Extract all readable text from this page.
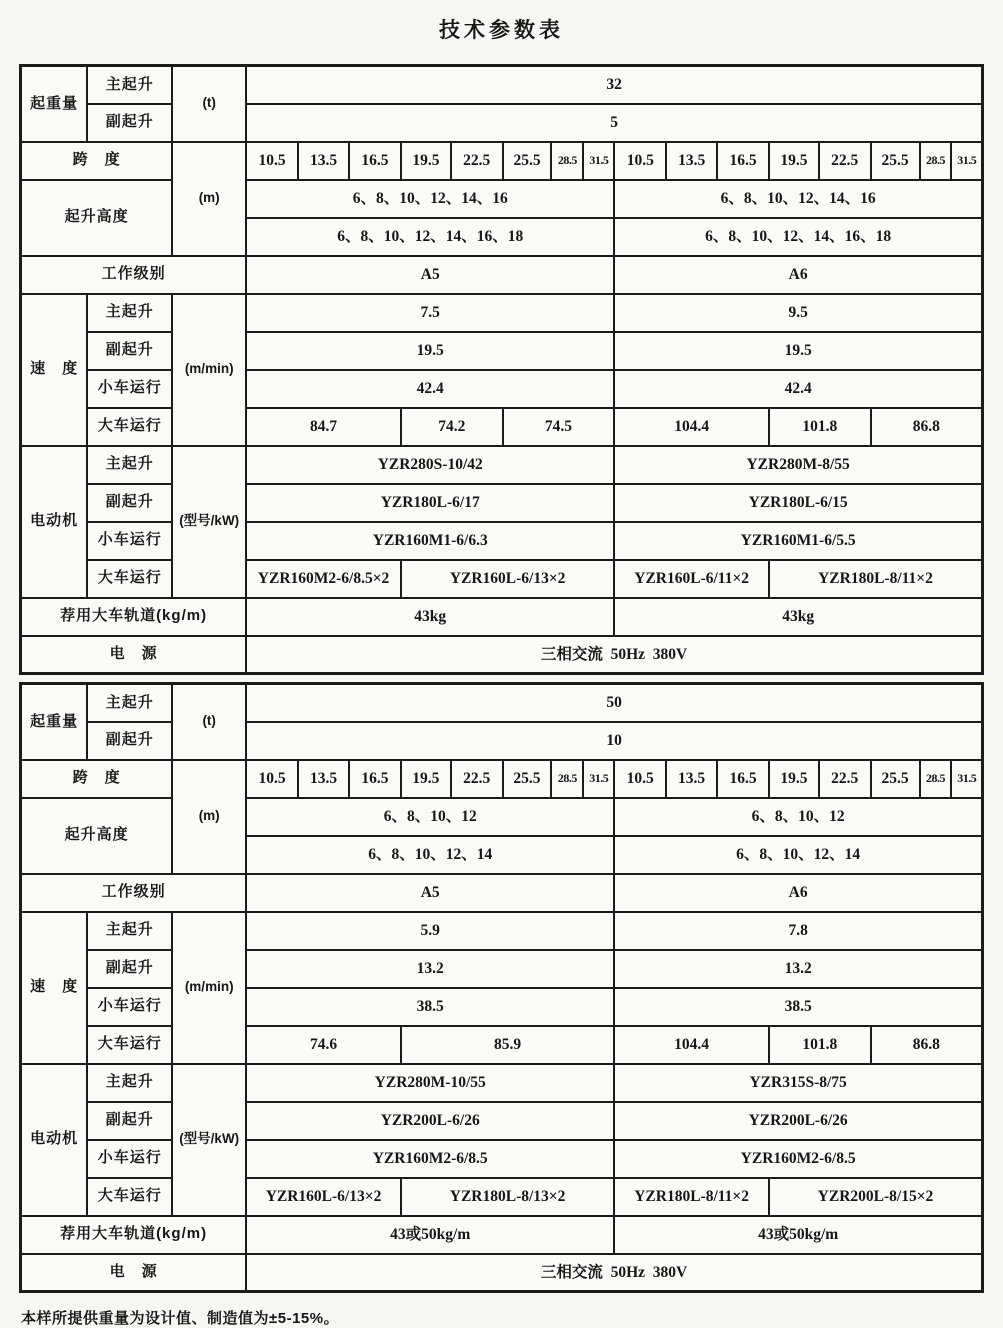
技术参数表
起重量	主起升	(t)	32															
	副起升		5															
跨　度		(m)	10.5	13.5	16.5	19.5	22.5	25.5	28.5	31.5	10.5	13.5	16.5	19.5	22.5	25.5	28.5	31.5
起升高度			6、8、10、12、14、16								6、8、10、12、14、16							
			6、8、10、12、14、16、18								6、8、10、12、14、16、18							
工作级别			A5								A6							
速　度	主起升	(m/min)	7.5								9.5							
	副起升		19.5								19.5							
	小车运行		42.4								42.4							
	大车运行		84.7			74.2		74.5			104.4			101.8		86.8		
电动机	主起升	(型号/kW)	YZR280S-10/42								YZR280M-8/55							
	副起升		YZR180L-6/17								YZR180L-6/15							
	小车运行		YZR160M1-6/6.3								YZR160M1-6/5.5							
	大车运行		YZR160M2-6/8.5×2			YZR160L-6/13×2					YZR160L-6/11×2			YZR180L-8/11×2				
荐用大车轨道(kg/m)			43kg								43kg							
电　源			三相交流  50Hz  380V															
起重量	主起升	(t)	50															
	副起升		10															
跨　度		(m)	10.5	13.5	16.5	19.5	22.5	25.5	28.5	31.5	10.5	13.5	16.5	19.5	22.5	25.5	28.5	31.5
起升高度			6、8、10、12								6、8、10、12							
			6、8、10、12、14								6、8、10、12、14							
工作级别			A5								A6							
速　度	主起升	(m/min)	5.9								7.8							
	副起升		13.2								13.2							
	小车运行		38.5								38.5							
	大车运行		74.6			85.9					104.4			101.8		86.8		
电动机	主起升	(型号/kW)	YZR280M-10/55								YZR315S-8/75							
	副起升		YZR200L-6/26								YZR200L-6/26							
	小车运行		YZR160M2-6/8.5								YZR160M2-6/8.5							
	大车运行		YZR160L-6/13×2			YZR180L-8/13×2					YZR180L-8/11×2			YZR200L-8/15×2				
荐用大车轨道(kg/m)			43或50kg/m								43或50kg/m							
电　源			三相交流  50Hz  380V															

本样所提供重量为设计值、制造值为±5-15%。
